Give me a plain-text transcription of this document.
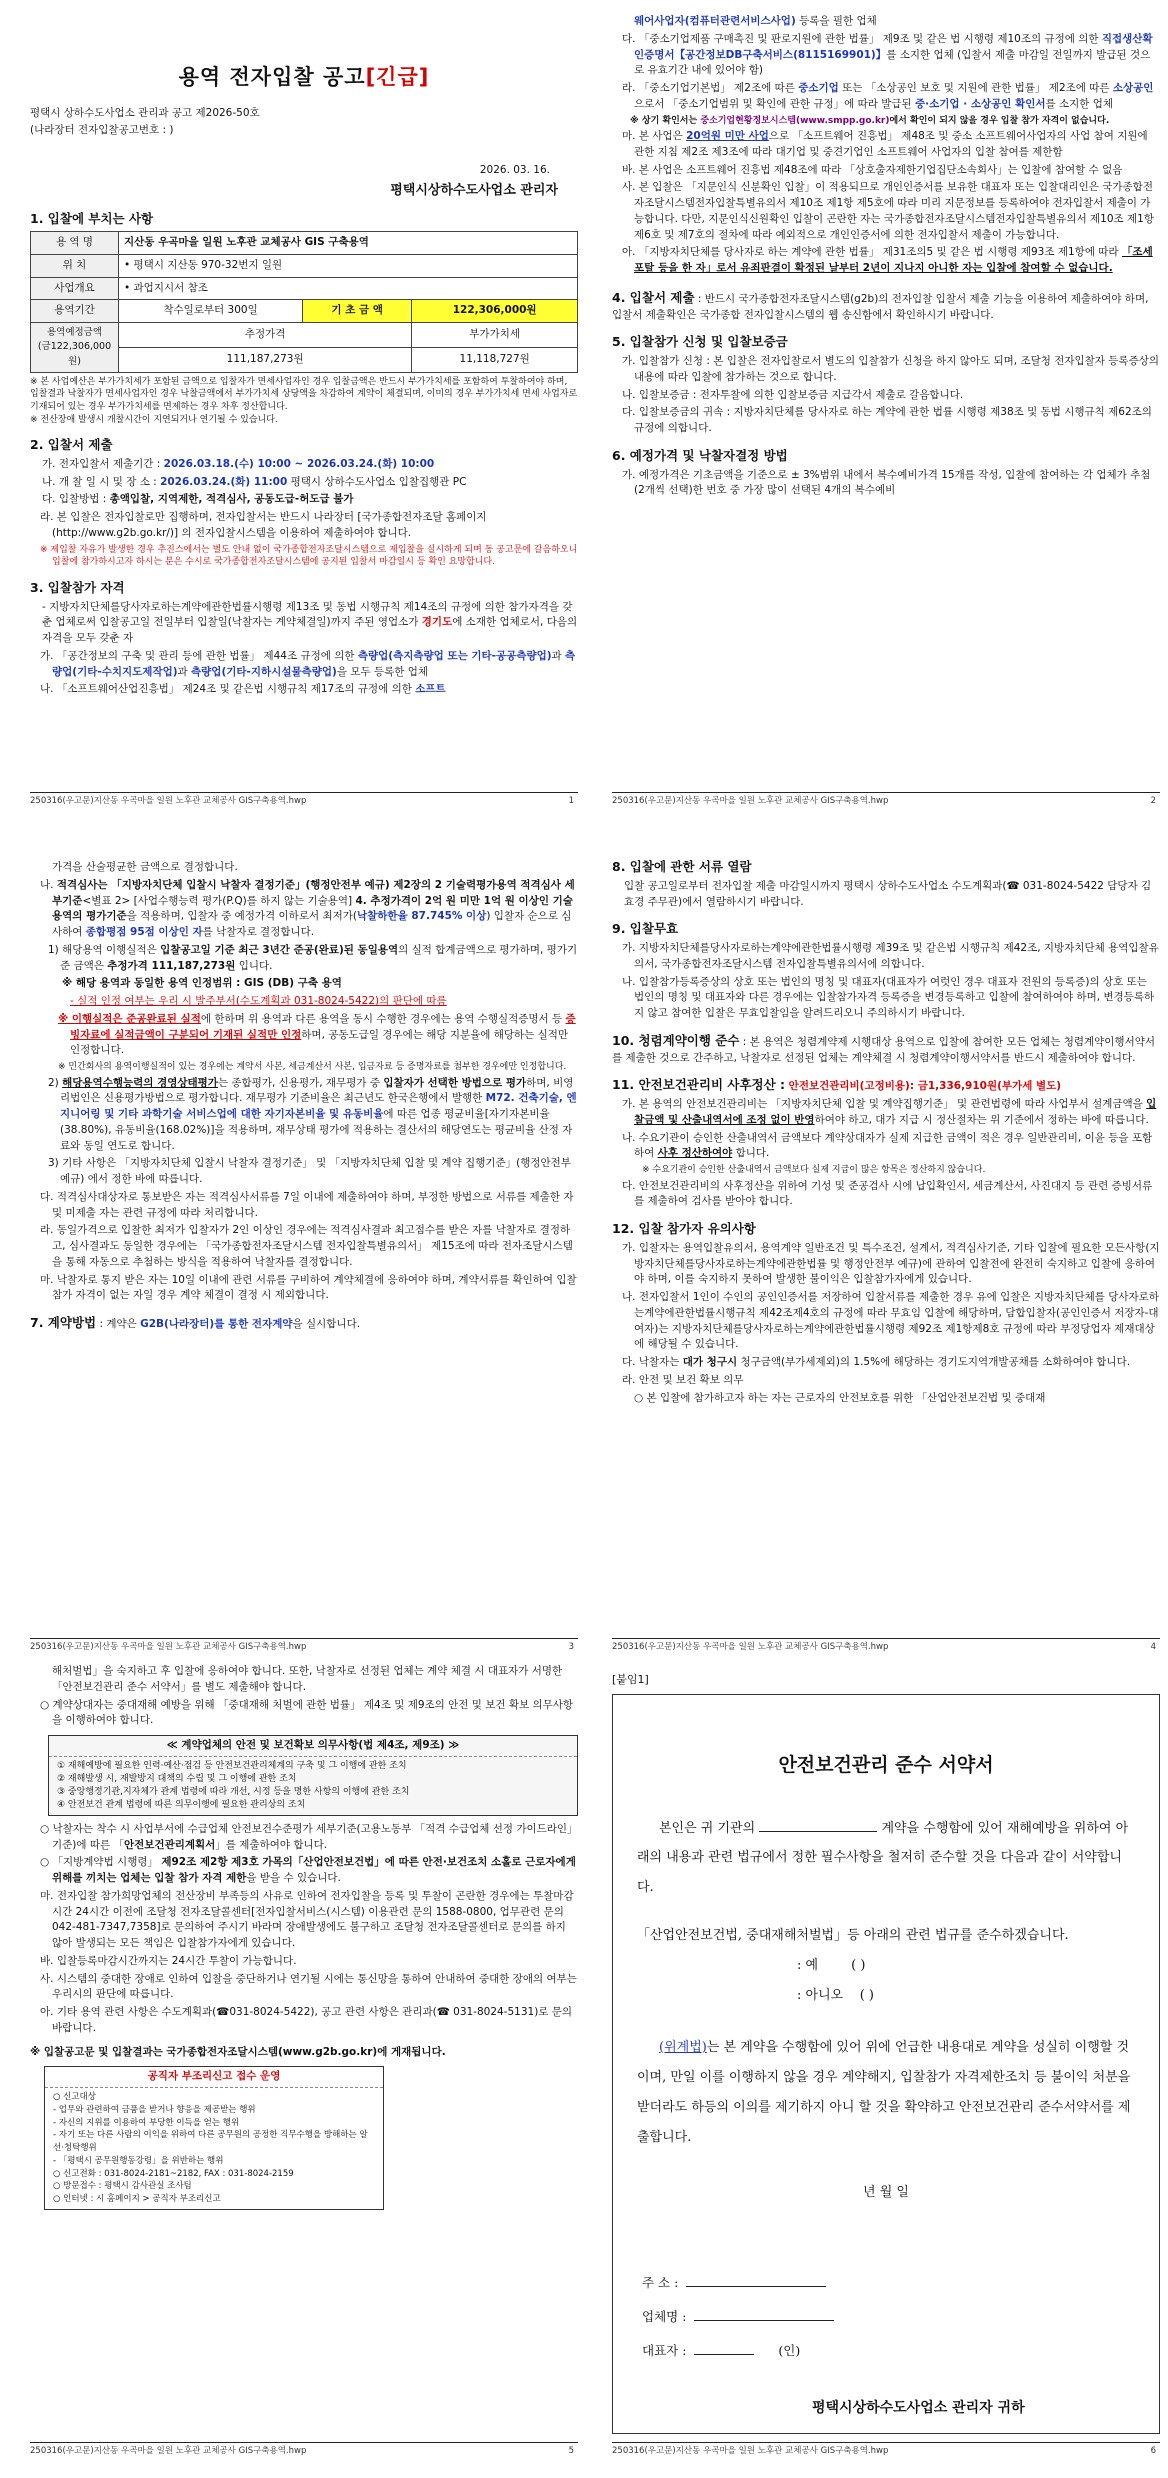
용역 전자입찰 공고[긴급]
평택시 상하수도사업소 관리과 공고 제2026-50호
(나라장터 전자입찰공고번호 : )
2026. 03. 16.
평택시상하수도사업소 관리자
1. 입찰에 부치는 사항
용 역 명	지산동 우곡마을 일원 노후관 교체공사 GIS 구축용역		
위 치	• 평택시 지산동 970-32번지 일원		
사업개요	• 과업지시서 참조		
용역기간	착수일로부터 300일	기 초 금 액	122,306,000원
용역예정금액
(금122,306,000원)	추정가격		부가가치세
	111,187,273원		11,118,727원
※ 본 사업예산은 부가가치세가 포함된 금액으로 입찰자가 면세사업자인 경우 입찰금액은 반드시 부가가치세를 포함하여 투찰하여야 하며, 입찰결과 낙찰자가 면세사업자인 경우 낙찰금액에서 부가가치세 상당액을 차감하여 계약이 체결되며, 이미의 경우 부가가치세 면세 사업자로 기재되어 있는 경우 부가가치세를 면제하는 경우 차후 정산합니다.
※ 전산장애 발생시 개찰시간이 지연되거나 연기될 수 있습니다.
2. 입찰서 제출
가. 전자입찰서 제출기간 : 2026.03.18.(수) 10:00 ~ 2026.03.24.(화) 10:00
나. 개 찰 일 시 및 장 소 : 2026.03.24.(화) 11:00 평택시 상하수도사업소 입찰집행관 PC
다. 입찰방법 : 총액입찰, 지역제한, 적격심사, 공동도급-허도급 불가
라. 본 입찰은 전자입찰로만 집행하며, 전자입찰서는 반드시 나라장터 [국가종합전자조달 홈페이지(http://www.g2b.go.kr/)] 의 전자입찰시스템을 이용하여 제출하여야 합니다.
※ 제입찰 자유가 발생한 경우 추진스에서는 별도 안내 없이 국가종합전자조달시스템으로 제입찰을 실시하게 되며 동 공고문에 갈음하오니 입찰에 참가하시고자 하시는 분은 수시로 국가종합전자조달시스템에 공지된 입찰서 마감일시 등 확인 요망합니다.
3. 입찰참가 자격
- 지방자치단체를당사자로하는계약에관한법률시행령 제13조 및 동법 시행규칙 제14조의 규정에 의한 참가자격을 갖춘 업체로써 입찰공고일 전일부터 입찰일(낙찰자는 계약체결일)까지 주된 영업소가 경기도에 소재한 업체로서, 다음의 자격을 모두 갖춘 자
가. 「공간정보의 구축 및 관리 등에 관한 법률」 제44조 규정에 의한 측량업(측지측량업 또는 기타-공공측량업)과 측량업(기타-수치지도제작업)과 측량업(기타-지하시설물측량업)을 모두 등록한 업체
나. 「소프트웨어산업진흥법」 제24조 및 같은법 시행규칙 제17조의 규정에 의한 소프트
250316(우고문)지산동 우곡마을 일원 노후관 교체공사 GIS구축용역.hwp	1
웨어사업자(컴퓨터관련서비스사업) 등록을 필한 업체
다. 「중소기업제품 구매촉진 및 판로지원에 관한 법률」 제9조 및 같은 법 시행령 제10조의 규정에 의한 직접생산확인증명서【공간정보DB구축서비스(8115169901)】를 소지한 업체 (입찰서 제출 마감일 전일까지 발급된 것으로 유효기간 내에 있어야 함)
라. 「중소기업기본법」 제2조에 따른 중소기업 또는 「소상공인 보호 및 지원에 관한 법률」 제2조에 따른 소상공인으로서 「중소기업범위 및 확인에 관한 규정」에 따라 발급된 중·소기업 · 소상공인 확인서를 소지한 업체
※ 상기 확인서는 중소기업현황정보시스템(www.smpp.go.kr)에서 확인이 되지 않을 경우 입찰 참가 자격이 없습니다.
마. 본 사업은 20억원 미만 사업으로 「소프트웨어 진흥법」 제48조 및 중소 소프트웨어사업자의 사업 참여 지원에 관한 지침 제2조 제3조에 따라 대기업 및 중견기업인 소프트웨어 사업자의 입찰 참여를 제한함
바. 본 사업은 소프트웨어 진흥법 제48조에 따라 「상호출자제한기업집단소속회사」는 입찰에 참여할 수 없음
사. 본 입찰은 「지문인식 신분확인 입찰」이 적용되므로 개인인증서를 보유한 대표자 또는 입찰대리인은 국가종합전자조달시스템전자입찰특별유의서 제10조 제1항 제5호에 따라 미리 지문정보를 등록하여야 전자입찰서 제출이 가능합니다. 다만, 지문인식신원확인 입찰이 곤란한 자는 국가종합전자조달시스템전자입찰특별유의서 제10조 제1항 제6호 및 제7호의 절차에 따라 예외적으로 개인인증서에 의한 전자입찰서 제출이 가능합니다.
아. 「지방자치단체를 당사자로 하는 계약에 관한 법률」 제31조의5 및 같은 법 시행령 제93조 제1항에 따라 「조세포탈 등을 한 자」로서 유죄판결이 확정된 날부터 2년이 지나지 아니한 자는 입찰에 참여할 수 없습니다.
4. 입찰서 제출 : 반드시 국가종합전자조달시스템(g2b)의 전자입찰 입찰서 제출 기능을 이용하여 제출하여야 하며, 입찰서 제출확인은 국가종합 전자입찰시스템의 웹 송신함에서 확인하시기 바랍니다.
5. 입찰참가 신청 및 입찰보증금
가. 입찰참가 신청 : 본 입찰은 전자입찰로서 별도의 입찰참가 신청을 하지 않아도 되며, 조달청 전자입찰자 등록증상의 내용에 따라 입찰에 참가하는 것으로 합니다.
나. 입찰보증금 : 전자투찰에 의한 입찰보증금 지급각서 제출로 갈음합니다.
다. 입찰보증금의 귀속 : 지방자치단체를 당사자로 하는 계약에 관한 법률 시행령 제38조 및 동법 시행규칙 제62조의 규정에 의합니다.
6. 예정가격 및 낙찰자결정 방법
가. 예정가격은 기초금액을 기준으로 ± 3%범위 내에서 복수예비가격 15개를 작성, 입찰에 참여하는 각 업체가 추첨(2개씩 선택)한 번호 중 가장 많이 선택된 4개의 복수예비
250316(우고문)지산동 우곡마을 일원 노후관 교체공사 GIS구축용역.hwp	2
가격을 산술평균한 금액으로 결정합니다.
나. 적격심사는 「지방자치단체 입찰시 낙찰자 결정기준」(행정안전부 예규) 제2장의 2 기술력평가용역 적격심사 세부기준<별표 2> [사업수행능력 평가(P.Q)를 하지 않는 기술용역] 4. 추정가격이 2억 원 미만 1억 원 이상인 기술용역의 평가기준을 적용하며, 입찰자 중 예정가격 이하로서 최저가(낙찰하한율 87.745% 이상) 입찰자 순으로 심사하여 종합평점 95점 이상인 자를 낙찰자로 결정합니다.
1) 해당용역 이행실적은 입찰공고일 기준 최근 3년간 준공(완료)된 동일용역의 실적 합계금액으로 평가하며, 평가기준 금액은 추정가격 111,187,273원 입니다.
※ 해당 용역과 동일한 용역 인정범위 : GIS (DB) 구축 용역
- 실적 인정 여부는 우리 시 발주부서(수도계획과 031-8024-5422)의 판단에 따름
※ 이행실적은 준공완료된 실적에 한하며 위 용역과 다른 용역을 동시 수행한 경우에는 용역 수행실적증명서 등 증빙자료에 실적금액이 구분되어 기재된 실적만 인정하며, 공동도급일 경우에는 해당 지분율에 해당하는 실적만 인정합니다.
※ 민간회사의 용역이행실적이 있는 경우에는 계약서 사본, 세금계산서 사본, 입금자료 등 증명자료를 첨부한 경우에만 인정합니다.
2) 해당용역수행능력의 경영상태평가는 종합평가, 신용평가, 재무평가 중 입찰자가 선택한 방법으로 평가하며, 비영리법인은 신용평가방법으로 평가합니다. 재무평가 기준비율은 최근년도 한국은행에서 발행한 M72. 건축기술, 엔지니어링 및 기타 과학기술 서비스업에 대한 자기자본비율 및 유동비율에 따른 업종 평균비율[자기자본비율(38.80%), 유동비율(168.02%)]을 적용하며, 재무상태 평가에 적용하는 결산서의 해당연도는 평균비율 산정 자료와 동일 연도로 합니다.
3) 기타 사항은 「지방자치단체 입찰시 낙찰자 결정기준」 및 「지방자치단체 입찰 및 계약 집행기준」(행정안전부 예규) 에서 정한 바에 따릅니다.
다. 적격심사대상자로 통보받은 자는 적격심사서류를 7일 이내에 제출하여야 하며, 부정한 방법으로 서류를 제출한 자 및 미제출 자는 관련 규정에 따라 처리합니다.
라. 동일가격으로 입찰한 최저가 입찰자가 2인 이상인 경우에는 적격심사결과 최고점수를 받은 자를 낙찰자로 결정하고, 심사결과도 동일한 경우에는 「국가종합전자조달시스템 전자입찰특별유의서」 제15조에 따라 전자조달시스템을 통해 자동으로 추첨하는 방식을 적용하여 낙찰자를 결정합니다.
마. 낙찰자로 통지 받은 자는 10일 이내에 관련 서류를 구비하여 계약체결에 응하여야 하며, 계약서류를 확인하여 입찰참가 자격이 없는 자일 경우 계약 체결이 결정 시 제외합니다.
7. 계약방법 : 계약은 G2B(나라장터)를 통한 전자계약을 실시합니다.
250316(우고문)지산동 우곡마을 일원 노후관 교체공사 GIS구축용역.hwp	3
8. 입찰에 관한 서류 열람
입찰 공고일로부터 전자입찰 제출 마감일시까지 평택시 상하수도사업소 수도계획과(☎ 031-8024-5422 담당자 김효경 주무관)에서 열람하시기 바랍니다.
9. 입찰무효
가. 지방자치단체를당사자로하는계약에관한법률시행령 제39조 및 같은법 시행규칙 제42조, 지방자치단체 용역입찰유의서, 국가종합전자조달시스템 전자입찰특별유의서에 의합니다.
나. 입찰참가등록증상의 상호 또는 법인의 명칭 및 대표자(대표자가 여럿인 경우 대표자 전원의 등록증)의 상호 또는 법인의 명칭 및 대표자와 다른 경우에는 입찰참가자격 등록증을 변경등록하고 입찰에 참여하여야 하며, 변경등록하지 않고 참여한 입찰은 무효입찰임을 알려드리오니 주의하시기 바랍니다.
10. 청렴계약이행 준수 : 본 용역은 청렴계약제 시행대상 용역으로 입찰에 참여한 모든 업체는 청렴계약이행서약서를 제출한 것으로 간주하고, 낙찰자로 선정된 업체는 계약체결 시 청렴계약이행서약서를 반드시 제출하여야 합니다.
11. 안전보건관리비 사후정산 : 안전보건관리비(고정비용): 금1,336,910원(부가세 별도)
가. 본 용역의 안전보건관리비는 「지방자치단체 입찰 및 계약집행기준」 및 관련법령에 따라 사업부서 설계금액을 입찰금액 및 산출내역서에 조정 없이 반영하여야 하고, 대가 지급 시 정산절차는 위 기준에서 정하는 바에 따릅니다.
나. 수요기관이 승인한 산출내역서 금액보다 계약상대자가 실제 지급한 금액이 적은 경우 일반관리비, 이윤 등을 포함하여 사후 정산하여야 합니다.
※ 수요기관이 승인한 산출내역서 금액보다 실제 지급이 많은 항목은 정산하지 않습니다.
다. 안전보건관리비의 사후정산을 위하여 기성 및 준공검사 시에 납입확인서, 세금계산서, 사진대지 등 관련 증빙서류를 제출하여 검사를 받아야 합니다.
12. 입찰 참가자 유의사항
가. 입찰자는 용역입찰유의서, 용역계약 일반조건 및 특수조건, 설계서, 적격심사기준, 기타 입찰에 필요한 모든사항(지방자치단체를당사자로하는계약에관한법률 및 행정안전부 예규)에 관하여 입찰전에 완전히 숙지하고 입찰에 응하여야 하며, 이를 숙지하지 못하여 발생한 불이익은 입찰참가자에게 있습니다.
나. 전자입찰서 1인이 수인의 공인인증서를 저장하여 입찰서류를 제출한 경우 유에 입찰은 지방자치단체를 당사자로하는계약에관한법률시행규칙 제42조제4호의 규정에 따라 무효임 입찰에 해당하며, 담합입찰자(공인인증서 저장자-대여자)는 지방자치단체를당사자로하는계약에관한법률시행령 제92조 제1항제8호 규정에 따라 부정당업자 제재대상에 해당될 수 있습니다.
다. 낙찰자는 대가 청구시 청구금액(부가세제외)의 1.5%에 해당하는 경기도지역개발공채를 소화하여야 합니다.
라. 안전 및 보건 확보 의무
○ 본 입찰에 참가하고자 하는 자는 근로자의 안전보호를 위한 「산업안전보건법 및 중대재
250316(우고문)지산동 우곡마을 일원 노후관 교체공사 GIS구축용역.hwp	4
해처벌법」을 숙지하고 후 입찰에 응하여야 합니다. 또한, 낙찰자로 선정된 업체는 계약 체결 시 대표자가 서명한 「안전보건관리 준수 서약서」를 별도 제출해야 합니다.
○ 계약상대자는 중대재해 예방을 위해 「중대재해 처벌에 관한 법률」 제4조 및 제9조의 안전 및 보건 확보 의무사항을 이행하여야 합니다.
≪ 계약업체의 안전 및 보건확보 의무사항(법 제4조, 제9조) ≫
① 재해예방에 필요한 인력·예산·점검 등 안전보건관리체계의 구축 및 그 이행에 관한 조치
② 재해발생 시, 재발방지 대책의 수립 및 그 이행에 관한 조치
③ 중앙행정기관,지자체가 관계 법령에 따라 개선, 시정 등을 명한 사항의 이행에 관한 조치
④ 안전보건 관계 법령에 따른 의무이행에 필요한 관리상의 조치
○ 낙찰자는 착수 시 사업부서에 수급업체 안전보건수준평가 세부기준(고용노동부 「적격 수급업체 선정 가이드라인」 기준)에 따른 「안전보건관리계획서」를 제출하여야 합니다.
○ 「지방계약법 시행령」 제92조 제2항 제3호 가목의「산업안전보건법」에 따른 안전·보건조치 소홀로 근로자에게 위해를 끼치는 업체는 입찰 참가 자격 제한을 받을 수 있습니다.
마. 전자입찰 참가희망업체의 전산장비 부족등의 사유로 인하여 전자입찰을 등록 및 투찰이 곤란한 경우에는 투찰마감시간 24시간 이전에 조달청 전자조달콜센터[전자입찰서비스(시스템) 이용관련 문의 1588-0800, 업무관련 문의 042-481-7347,7358]로 문의하여 주시기 바라며 장애발생에도 불구하고 조달청 전자조달콜센터로 문의를 하지 않아 발생되는 모든 책임은 입찰참가자에게 있습니다.
바. 입찰등록마감시간까지는 24시간 투찰이 가능합니다.
사. 시스템의 중대한 장애로 인하여 입찰을 중단하거나 연기될 시에는 통신망을 통하여 안내하여 중대한 장애의 여부는 우리시의 판단에 따릅니다.
아. 기타 용역 관련 사항은 수도계획과(☎031-8024-5422), 공고 관련 사항은 관리과(☎ 031-8024-5131)로 문의 바랍니다.
※ 입찰공고문 및 입찰결과는 국가종합전자조달시스템(www.g2b.go.kr)에 게재됩니다.
공직자 부조리신고 접수 운영
○ 신고대상
- 업무와 관련하여 금품을 받거나 향응을 제공받는 행위
- 자신의 지위를 이용하여 부당한 이득을 얻는 행위
- 자기 또는 다른 사람의 이익을 위하여 다른 공무원의 공정한 직무수행을 방해하는 알선·청탁행위
- 「평택시 공무원행동강령」을 위반하는 행위
○ 신고전화 : 031-8024-2181~2182, FAX : 031-8024-2159
○ 방문접수 : 평택시 감사관실 조사팀
○ 인터넷 : 시 홈페이지 > 공직자 부조리신고
250316(우고문)지산동 우곡마을 일원 노후관 교체공사 GIS구축용역.hwp	5
[붙임1]
안전보건관리 준수 서약서
본인은 귀 기관의	계약을 수행함에 있어 재해예방을 위하여 아래의 내용과 관련 법규에서 정한 필수사항을 철저히 준수할 것을 다음과 같이 서약합니다.
「산업안전보건법, 중대재해처벌법」등 아래의 관련 법규를 준수하겠습니다.
: 예	( )
: 아니오 ( )
(위계법)는 본 계약을 수행함에 있어 위에 언급한 내용대로 계약을 성실히 이행할 것이며, 만일 이를 이행하지 않을 경우 계약해지, 입찰참가 자격제한조치 등 불이익 처분을 받더라도 하등의 이의를 제기하지 아니 할 것을 확약하고 안전보건관리 준수서약서를 제출합니다.
년 월 일
주 소 :
업체명 :
대표자 :	(인)
평택시상하수도사업소 관리자 귀하
250316(우고문)지산동 우곡마을 일원 노후관 교체공사 GIS구축용역.hwp	6
